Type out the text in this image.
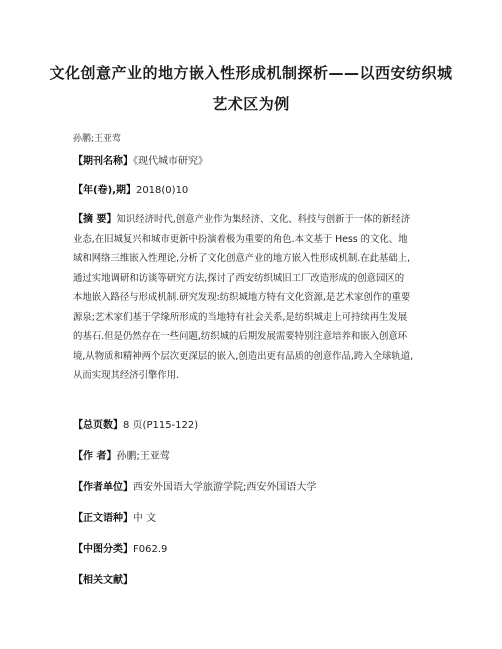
文化创意产业的地方嵌入性形成机制探析——以西安纺织城
艺术区为例
孙鹏;王亚莺
【期刊名称】《现代城市研究》
【年(卷),期】2018(0)10
【摘 要】知识经济时代,创意产业作为集经济、文化、科技与创新于一体的新经济
业态,在旧城复兴和城市更新中扮演着极为重要的角色.本文基于 Hess 的文化、地
域和网络三维嵌入性理论,分析了文化创意产业的地方嵌入性形成机制.在此基础上,
通过实地调研和访谈等研究方法,探讨了西安纺织城旧工厂改造形成的创意园区的
本地嵌入路径与形成机制.研究发现:纺织城地方特有文化资源,是艺术家创作的重要
源泉;艺术家们基于学缘所形成的当地特有社会关系,是纺织城走上可持续再生发展
的基石.但是仍然存在一些问题,纺织城的后期发展需要特别注意培养和嵌入创意环
境,从物质和精神两个层次更深层的嵌入,创造出更有品质的创意作品,跨入全球轨道,
从而实现其经济引擎作用.
【总页数】8 页(P115-122)
【作 者】孙鹏;王亚莺
【作者单位】西安外国语大学旅游学院;西安外国语大学
【正文语种】中 文
【中图分类】F062.9
【相关文献】
